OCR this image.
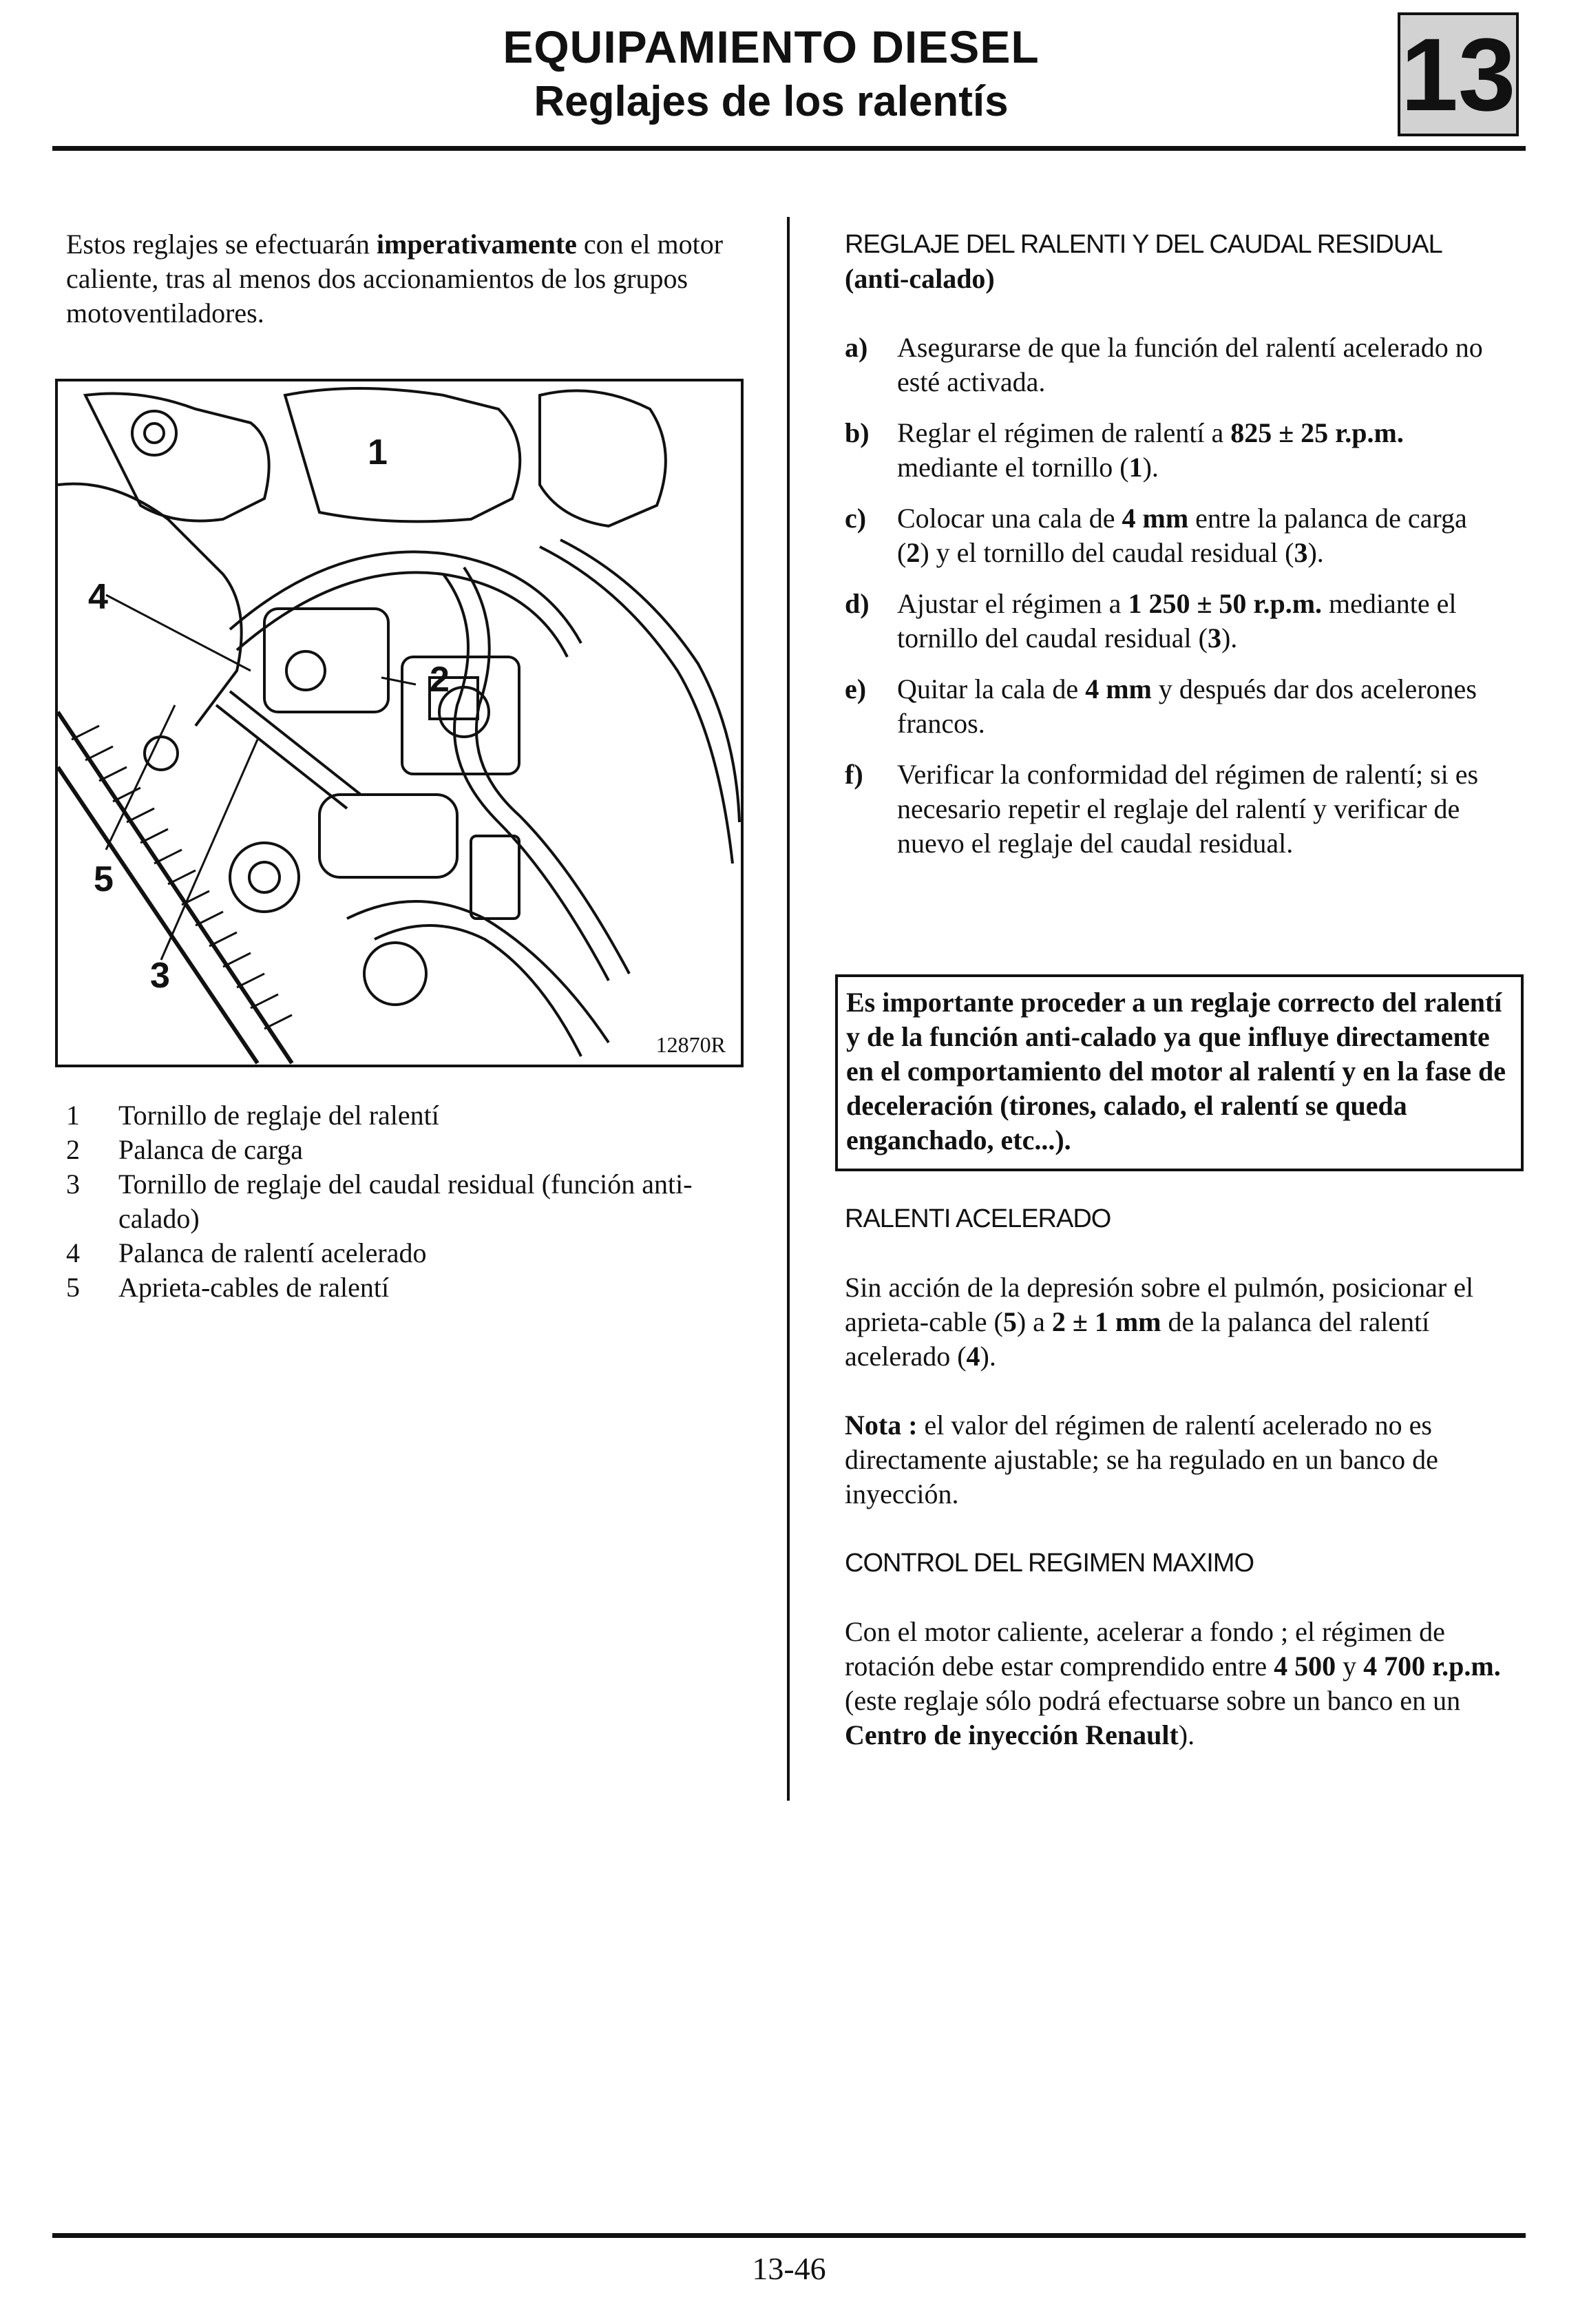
EQUIPAMIENTO DIESEL
Reglajes de los ralentís	13
Estos reglajes se efectuarán imperativamente con el motor caliente, tras al menos dos accionamientos de los grupos motoventiladores.
1
2
3
4
5
12870R
1	Tornillo de reglaje del ralentí
2	Palanca de carga
3	Tornillo de reglaje del caudal residual (función anti-calado)
4	Palanca de ralentí acelerado
5	Aprieta-cables de ralentí
REGLAJE DEL RALENTI Y DEL CAUDAL RESIDUAL
(anti-calado)
a)	Asegurarse de que la función del ralentí acelerado no esté activada.
b)	Reglar el régimen de ralentí a 825 ± 25 r.p.m. mediante el tornillo (1).
c)	Colocar una cala de 4 mm entre la palanca de carga (2) y el tornillo del caudal residual (3).
d)	Ajustar el régimen a 1 250 ± 50 r.p.m. mediante el tornillo del caudal residual (3).
e)	Quitar la cala de 4 mm y después dar dos acelerones francos.
f)	Verificar la conformidad del régimen de ralentí; si es necesario repetir el reglaje del ralentí y verificar de nuevo el reglaje del caudal residual.
Es importante proceder a un reglaje correcto del ralentí y de la función anti-calado ya que influye directamente en el comportamiento del motor al ralentí y en la fase de deceleración (tirones, calado, el ralentí se queda enganchado, etc...).
RALENTI ACELERADO
Sin acción de la depresión sobre el pulmón, posicionar el aprieta-cable (5) a 2 ± 1 mm de la palanca del ralentí acelerado (4).
Nota : el valor del régimen de ralentí acelerado no es directamente ajustable; se ha regulado en un banco de inyección.
CONTROL DEL REGIMEN MAXIMO
Con el motor caliente, acelerar a fondo ; el régimen de rotación debe estar comprendido entre 4 500 y 4 700 r.p.m. (este reglaje sólo podrá efectuarse sobre un banco en un Centro de inyección Renault).
13-46
